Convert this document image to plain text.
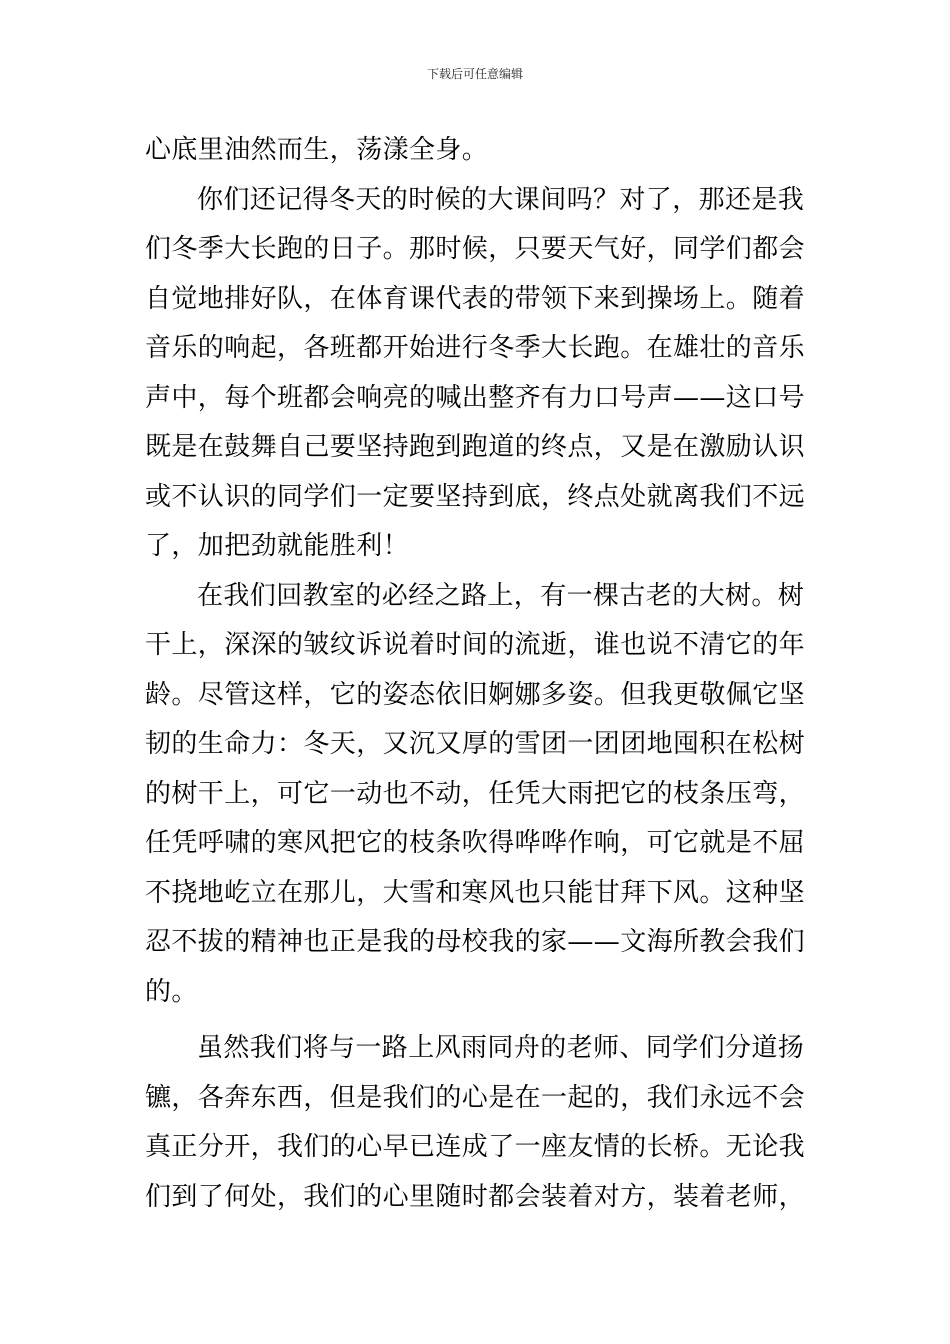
下载后可任意编辑
心底里油然而生，荡漾全身。
你们还记得冬天的时候的大课间吗？对了，那还是我
们冬季大长跑的日子。那时候，只要天气好，同学们都会
自觉地排好队，在体育课代表的带领下来到操场上。随着
音乐的响起，各班都开始进行冬季大长跑。在雄壮的音乐
声中，每个班都会响亮的喊出整齐有力口号声——这口号
既是在鼓舞自己要坚持跑到跑道的终点，又是在激励认识
或不认识的同学们一定要坚持到底，终点处就离我们不远
了，加把劲就能胜利！
在我们回教室的必经之路上，有一棵古老的大树。树
干上，深深的皱纹诉说着时间的流逝，谁也说不清它的年
龄。尽管这样，它的姿态依旧婀娜多姿。但我更敬佩它坚
韧的生命力：冬天，又沉又厚的雪团一团团地囤积在松树
的树干上，可它一动也不动，任凭大雨把它的枝条压弯，
任凭呼啸的寒风把它的枝条吹得哗哗作响，可它就是不屈
不挠地屹立在那儿，大雪和寒风也只能甘拜下风。这种坚
忍不拔的精神也正是我的母校我的家——文海所教会我们
的。
虽然我们将与一路上风雨同舟的老师、同学们分道扬
镳，各奔东西，但是我们的心是在一起的，我们永远不会
真正分开，我们的心早已连成了一座友情的长桥。无论我
们到了何处，我们的心里随时都会装着对方，装着老师，
